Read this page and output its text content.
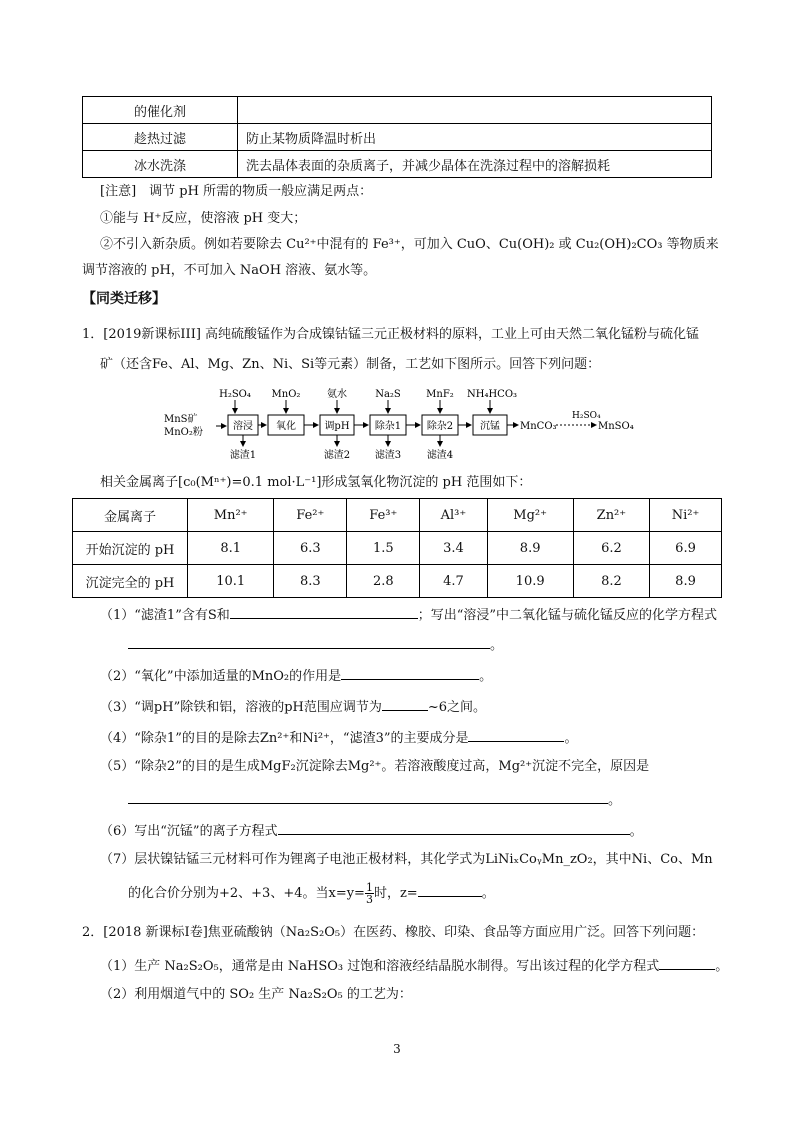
的催化剂	
趁热过滤	防止某物质降温时析出
冰水洗涤	洗去晶体表面的杂质离子，并减少晶体在洗涤过程中的溶解损耗
[注意]　调节 pH 所需的物质一般应满足两点：
①能与 H⁺反应，使溶液 pH 变大；
②不引入新杂质。例如若要除去 Cu²⁺中混有的 Fe³⁺，可加入 CuO、Cu(OH)₂ 或 Cu₂(OH)₂CO₃ 等物质来
调节溶液的 pH，不可加入 NaOH 溶液、氨水等。
【同类迁移】
1．[2019新课标III] 高纯硫酸锰作为合成镍钴锰三元正极材料的原料，工业上可由天然二氧化锰粉与硫化锰
矿（还含Fe、Al、Mg、Zn、Ni、Si等元素）制备，工艺如下图所示。回答下列问题：
MnS矿
MnO₂粉
溶浸 氧化	调pH	除杂1	除杂2	沉锰
H₂SO₄ MnO₂	氨水	Na₂S	MnF₂ NH₄HCO₃
滤渣1	滤渣2 滤渣3	滤渣4
MnCO₃
H₂SO₄
MnSO₄
相关金属离子[c₀(Mⁿ⁺)=0.1 mol·L⁻¹]形成氢氧化物沉淀的 pH 范围如下：
金属离子	Mn²⁺	Fe²⁺	Fe³⁺	Al³⁺	Mg²⁺	Zn²⁺	Ni²⁺
开始沉淀的 pH	8.1	6.3	1.5	3.4	8.9	6.2	6.9
沉淀完全的 pH	10.1	8.3	2.8	4.7	10.9	8.2	8.9
（1）“滤渣1”含有S和	；写出“溶浸”中二氧化锰与硫化锰反应的化学方程式
。
（2）“氧化”中添加适量的MnO₂的作用是	。
（3）“调pH”除铁和铝，溶液的pH范围应调节为	~6之间。
（4）“除杂1”的目的是除去Zn²⁺和Ni²⁺，“滤渣3”的主要成分是	。
（5）“除杂2”的目的是生成MgF₂沉淀除去Mg²⁺。若溶液酸度过高，Mg²⁺沉淀不完全，原因是
。
（6）写出“沉锰”的离子方程式	。
（7）层状镍钴锰三元材料可作为锂离子电池正极材料，其化学式为LiNiₓCoᵧMn_zO₂，其中Ni、Co、Mn
的化合价分别为+2、+3、+4。当$x=y= \frac{1}{3}$ 时，z=	。
2．[2018 新课标Ⅰ卷]焦亚硫酸钠（Na₂S₂O₅）在医药、橡胶、印染、食品等方面应用广泛。回答下列问题：
（1）生产 Na₂S₂O₅，通常是由 NaHSO₃ 过饱和溶液经结晶脱水制得。写出该过程的化学方程式	。
（2）利用烟道气中的 SO₂ 生产 Na₂S₂O₅ 的工艺为：
3
